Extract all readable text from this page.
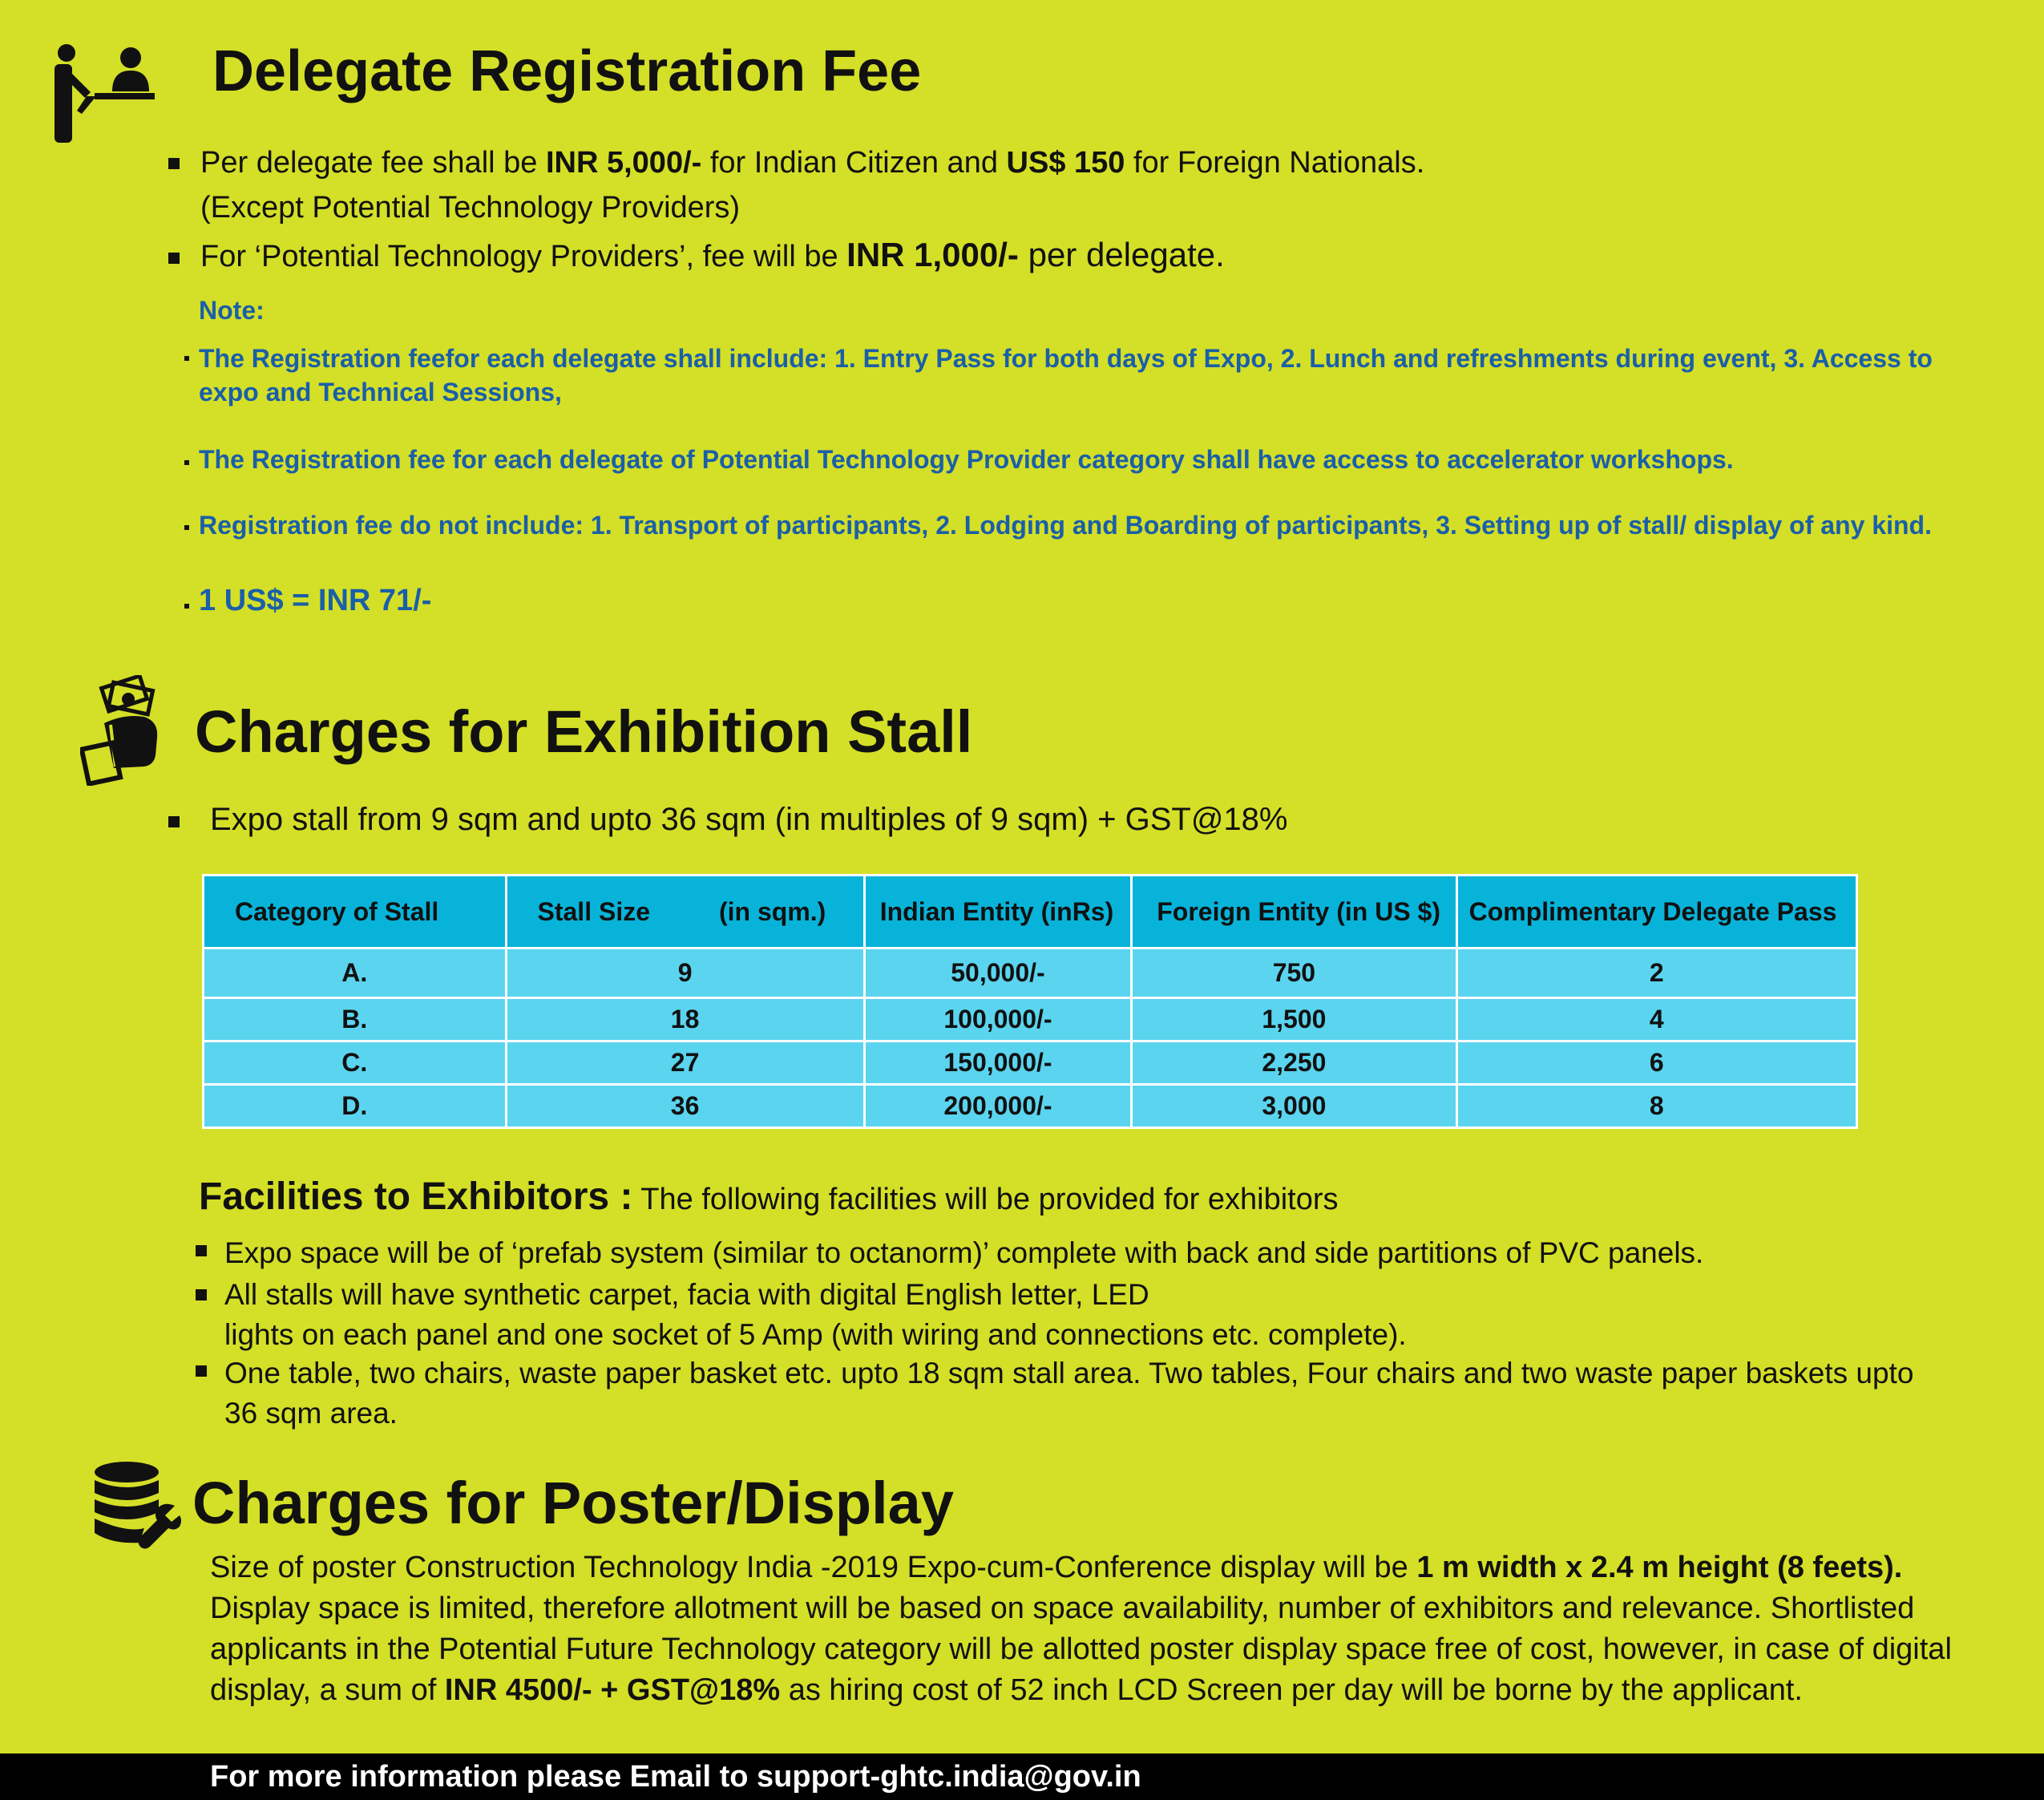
Delegate Registration Fee
Per delegate fee shall be INR 5,000/- for Indian Citizen and US$ 150 for Foreign Nationals.
(Except Potential Technology Providers)
For ‘Potential Technology Providers’, fee will be INR 1,000/- per delegate.
Note:
The Registration feefor each delegate shall include: 1. Entry Pass for both days of Expo, 2. Lunch and refreshments during event, 3. Access to
expo and Technical Sessions,
The Registration fee for each delegate of Potential Technology Provider category shall have access to accelerator workshops.
Registration fee do not include: 1. Transport of participants, 2. Lodging and Boarding of participants, 3. Setting up of stall/ display of any kind.
1 US$ = INR 71/-
Charges for Exhibition Stall
Expo stall from 9 sqm and upto 36 sqm (in multiples of 9 sqm) + GST@18%
Category of Stall	Stall Size (in sqm.)	Indian Entity (inRs)	Foreign Entity (in US $)	Complimentary Delegate Pass
A.	9	50,000/-	750	2
B.	18	100,000/-	1,500	4
C.	27	150,000/-	2,250	6
D.	36	200,000/-	3,000	8
Facilities to Exhibitors : The following facilities will be provided for exhibitors
Expo space will be of ‘prefab system (similar to octanorm)’ complete with back and side partitions of PVC panels.
All stalls will have synthetic carpet, facia with digital English letter, LED
lights on each panel and one socket of 5 Amp (with wiring and connections etc. complete).
One table, two chairs, waste paper basket etc. upto 18 sqm stall area. Two tables, Four chairs and two waste paper baskets upto
36 sqm area.
Charges for Poster/Display
Size of poster Construction Technology India -2019 Expo-cum-Conference display will be 1 m width x 2.4 m height (8 feets).
Display space is limited, therefore allotment will be based on space availability, number of exhibitors and relevance. Shortlisted applicants in the Potential Future Technology category will be allotted poster display space free of cost, however, in case of digital display, a sum of INR 4500/- + GST@18% as hiring cost of 52 inch LCD Screen per day will be borne by the applicant.
For more information please Email to support-ghtc.india@gov.in
